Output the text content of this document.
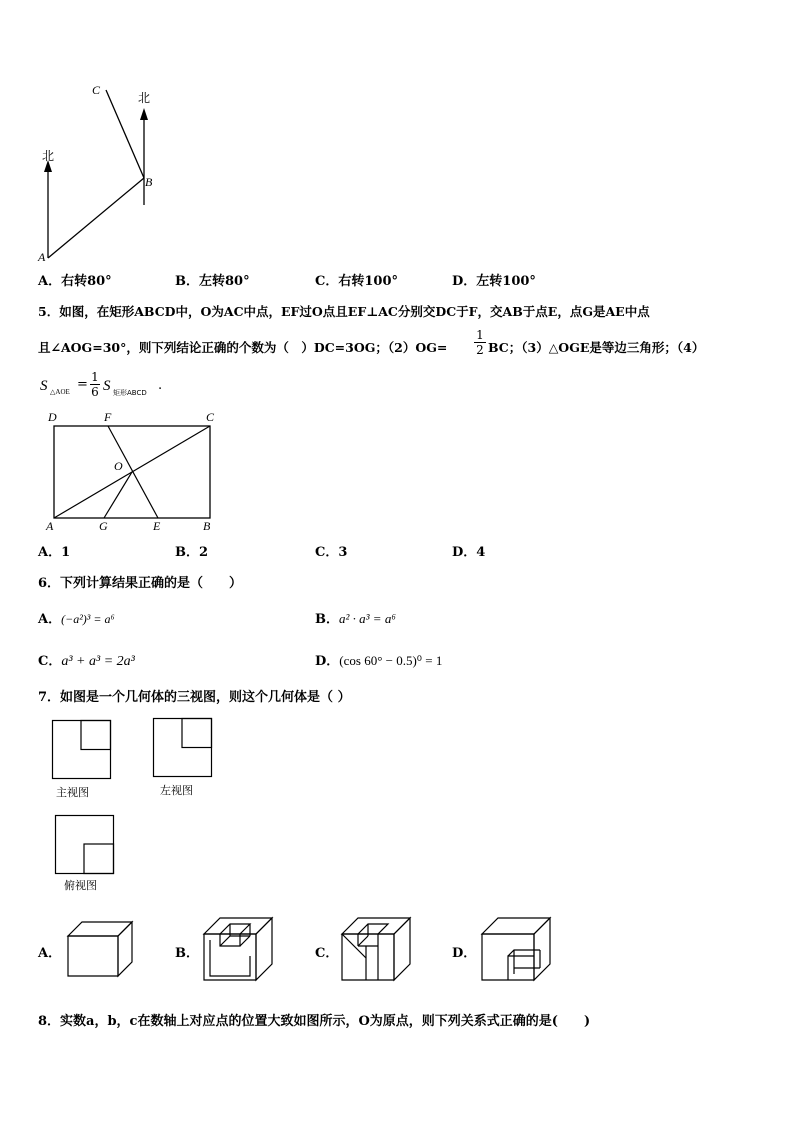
北
北
A
B
C
A．右转80°	B．左转80°	C．右转100°	D．左转100°
5．如图，在矩形ABCD中，O为AC中点，EF过O点且EF⊥AC分别交DC于F，交AB于点E，点G是AE中点
且∠AOG=30°，则下列结论正确的个数为（　）DC=3OG；$(2)OG= \frac{1}{2}$ BC；（3）△OGE是等边三角形；（4）
S △AOE = $\frac{1}{6}$ S 矩形ABCD .
D	F	C
O
A	G	E	B
A．1	B．2	C．3	D．4
6．下列计算结果正确的是（　　）
A．(−a²)³ = a⁶	B．a² · a³ = a⁶
C．a³ + a³ = 2a³	D．(cos 60° − 0.5)⁰ = 1
7．如图是一个几何体的三视图，则这个几何体是（ ）
主视图	左视图
俯视图
A．	B．	C．	D．
8．实数a，b，c在数轴上对应点的位置大致如图所示，O为原点，则下列关系式正确的是(　　)
